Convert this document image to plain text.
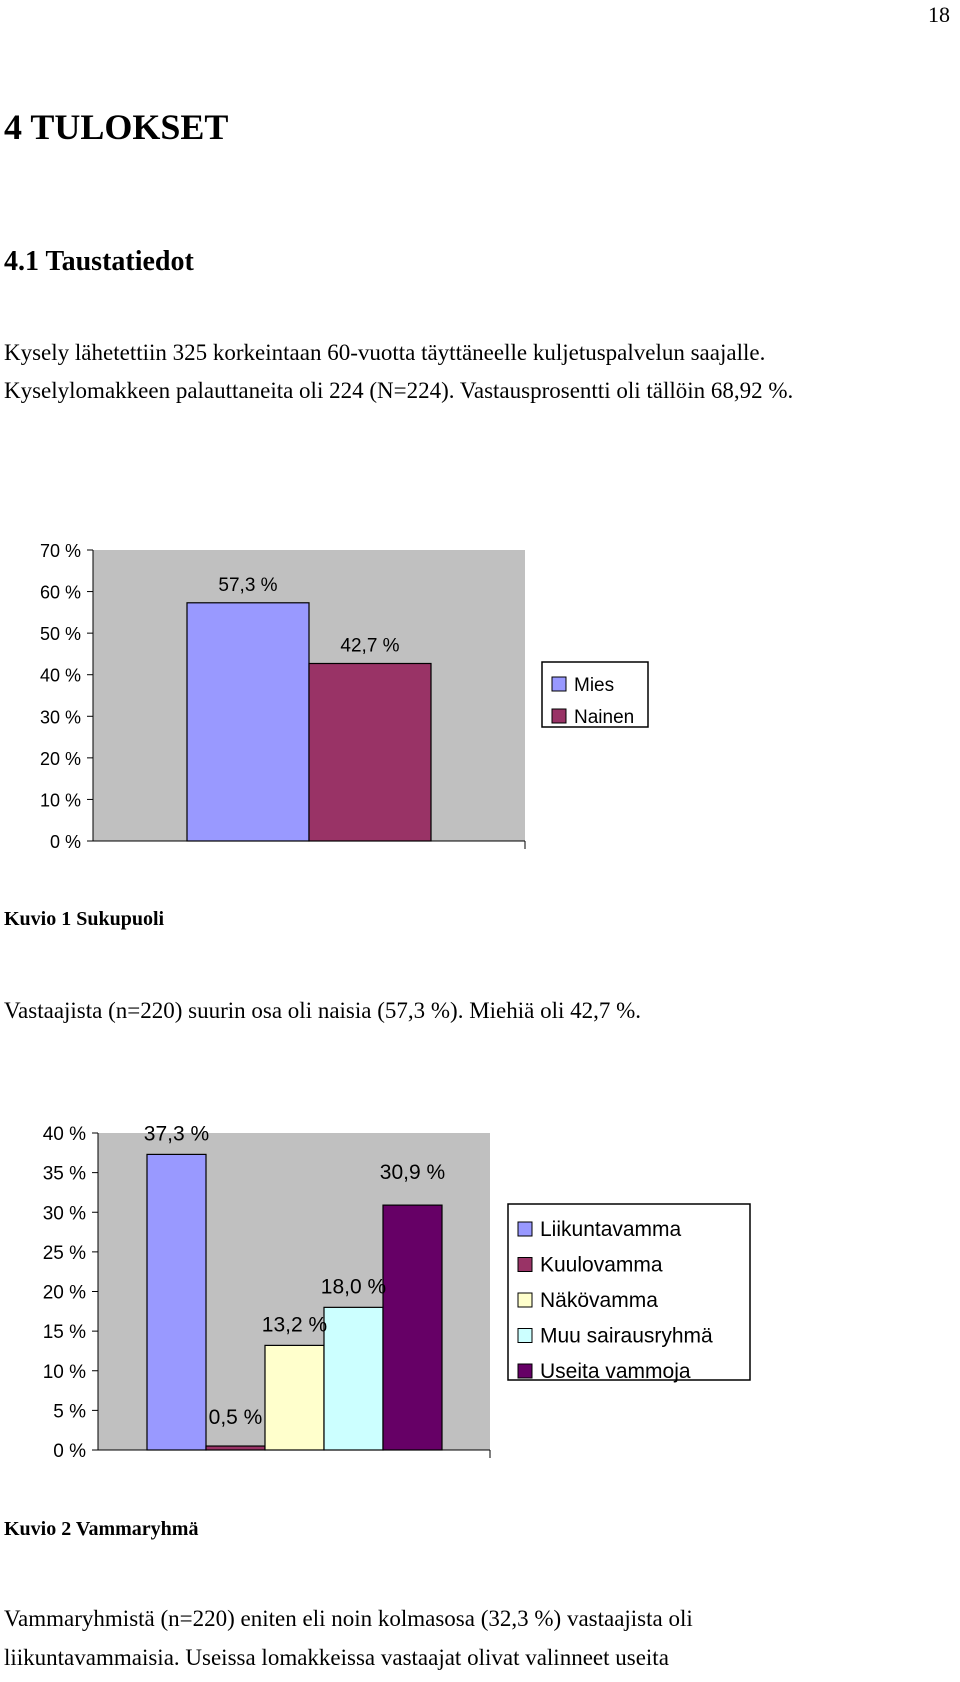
18
4 TULOKSET
4.1 Taustatiedot
Kysely lähetettiin 325 korkeintaan 60-vuotta täyttäneelle kuljetuspalvelun saajalle.
Kyselylomakkeen palauttaneita oli 224 (N=224). Vastausprosentti oli tällöin 68,92 %.
70 %
60 %
50 %
40 %
30 %
20 %
10 %
0 %
57,3 %
42,7 %
Mies
Nainen
Kuvio 1 Sukupuoli
Vastaajista (n=220) suurin osa oli naisia (57,3 %). Miehiä oli 42,7 %.
40 %
35 %
30 %
25 %
20 %
15 %
10 %
5 %
0 %
37,3 %
0,5 %
13,2 %
18,0 %
30,9 %
Liikuntavamma
Kuulovamma
Näkövamma
Muu sairausryhmä
Useita vammoja
Kuvio 2 Vammaryhmä
Vammaryhmistä (n=220) eniten eli noin kolmasosa (32,3 %) vastaajista oli
liikuntavammaisia. Useissa lomakkeissa vastaajat olivat valinneet useita
